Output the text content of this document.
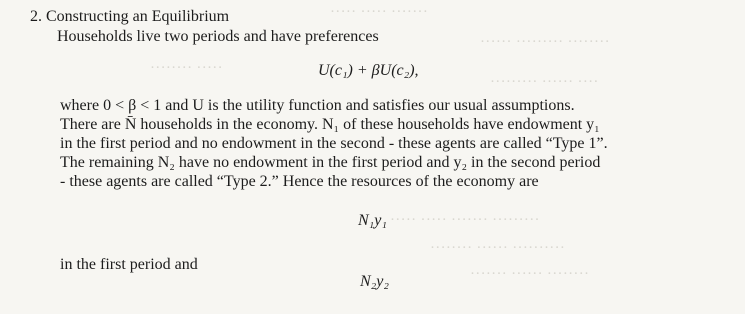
····· ····· ·······
······ ········· ········
········ ·····
········· ······ ····
····· ····· ······· ·········
········ ······ ··········
······· ······ ········
2. Constructing an Equilibrium
Households live two periods and have preferences
U(c₁) + βU(c₂),
where 0 < β < 1 and U is the utility function and satisfies our usual assumptions.
There are N̄ households in the economy. N₁ of these households have endowment y₁
in the first period and no endowment in the second - these agents are called “Type 1”.
The remaining N₂ have no endowment in the first period and y₂ in the second period
- these agents are called “Type 2.” Hence the resources of the economy are
N₁y₁
in the first period and
N₂y₂
